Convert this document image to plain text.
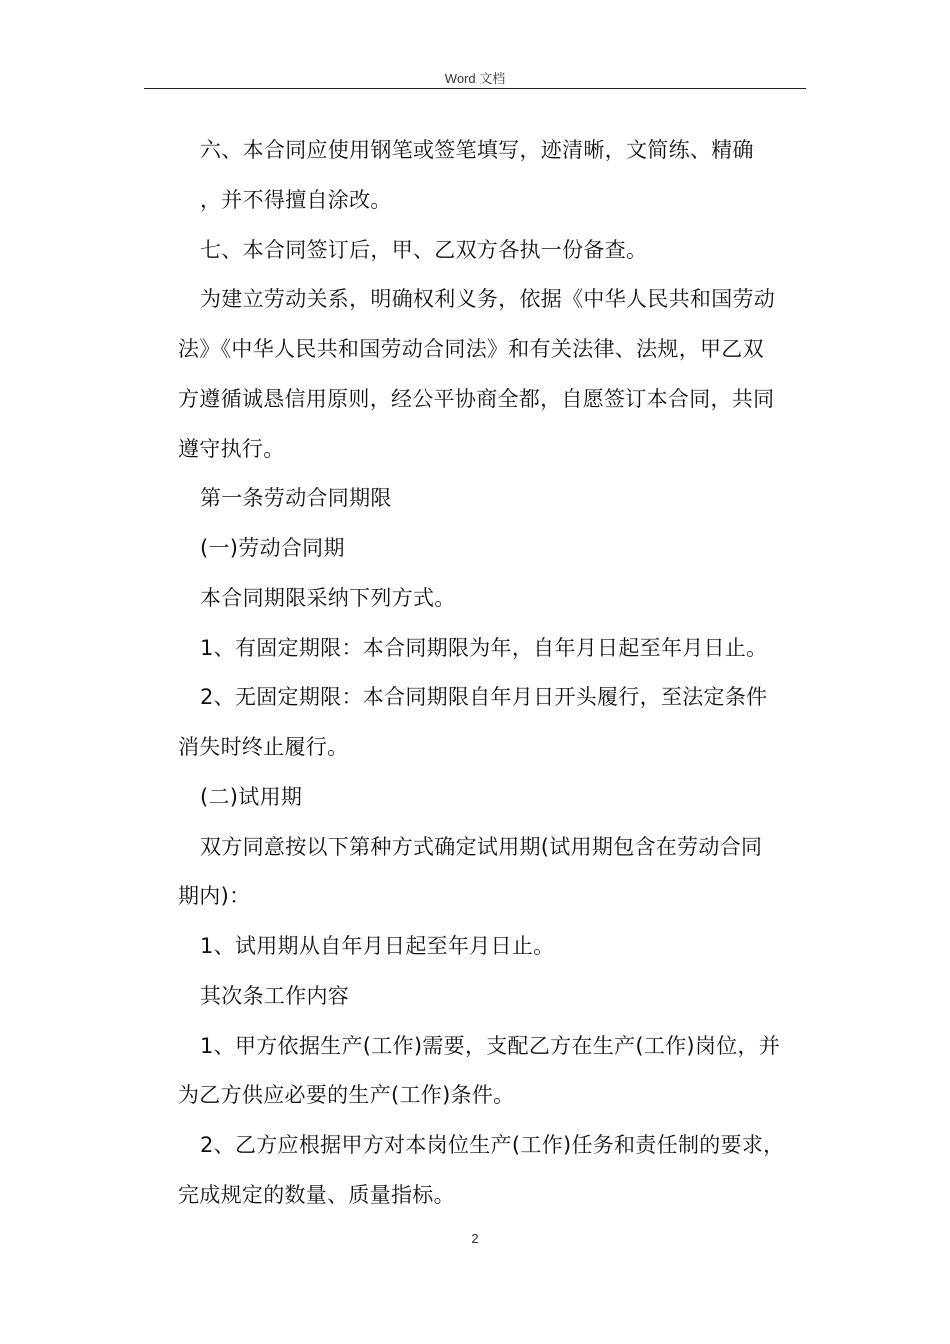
Word 文档
六、本合同应使用钢笔或签笔填写，迹清晰，文简练、精确
，并不得擅自涂改。
七、本合同签订后，甲、乙双方各执一份备查。
为建立劳动关系，明确权利义务，依据《中华人民共和国劳动
法》《中华人民共和国劳动合同法》和有关法律、法规，甲乙双
方遵循诚恳信用原则，经公平协商全都，自愿签订本合同，共同
遵守执行。
第一条劳动合同期限
(一)劳动合同期
本合同期限采纳下列方式。
1、有固定期限：本合同期限为年，自年月日起至年月日止。
2、无固定期限：本合同期限自年月日开头履行，至法定条件
消失时终止履行。
(二)试用期
双方同意按以下第种方式确定试用期(试用期包含在劳动合同
期内)：
1、试用期从自年月日起至年月日止。
其次条工作内容
1、甲方依据生产(工作)需要，支配乙方在生产(工作)岗位，并
为乙方供应必要的生产(工作)条件。
2、乙方应根据甲方对本岗位生产(工作)任务和责任制的要求，
完成规定的数量、质量指标。
2
